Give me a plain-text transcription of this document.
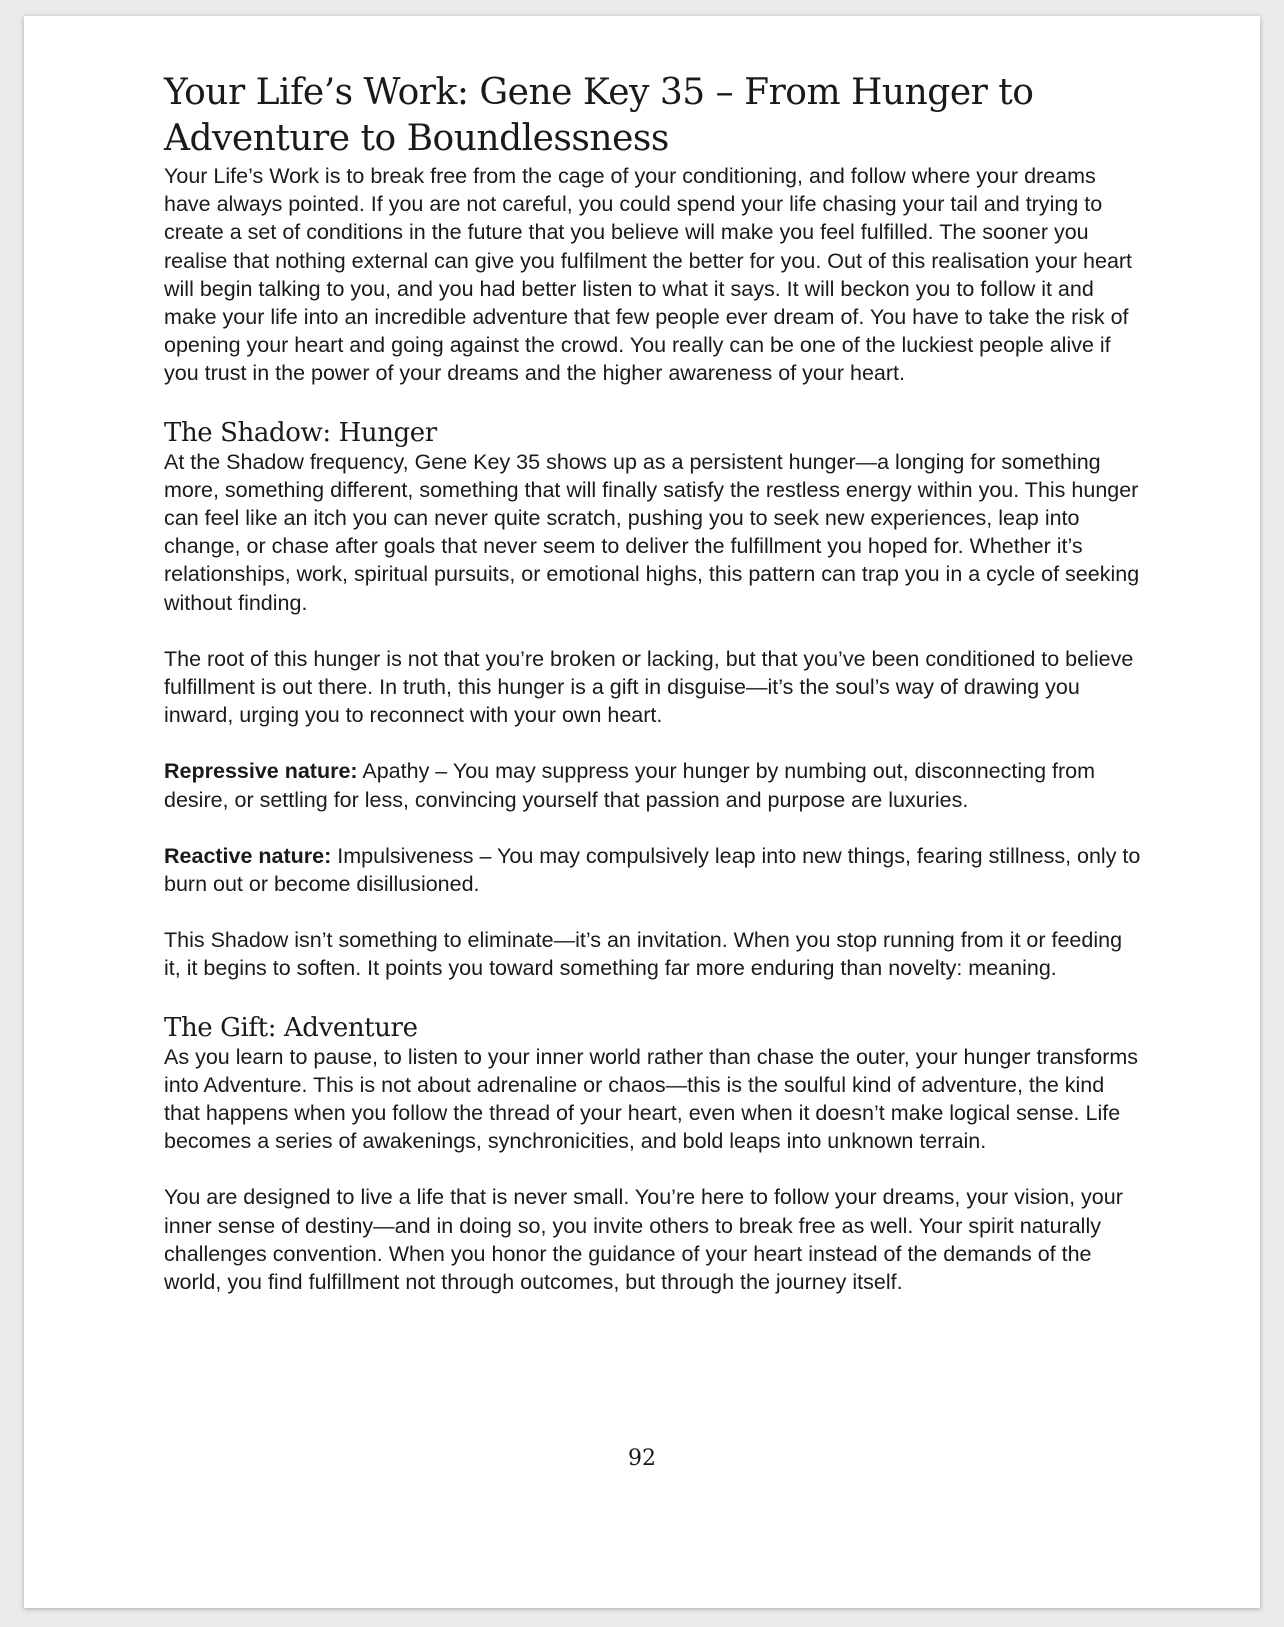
Your Life’s Work: Gene Key 35 – From Hunger to Adventure to Boundlessness

Your Life’s Work is to break free from the cage of your conditioning, and follow where your dreams have always pointed. If you are not careful, you could spend your life chasing your tail and trying to create a set of conditions in the future that you believe will make you feel fulfilled. The sooner you realise that nothing external can give you fulfilment the better for you. Out of this realisation your heart will begin talking to you, and you had better listen to what it says. It will beckon you to follow it and make your life into an incredible adventure that few people ever dream of. You have to take the risk of opening your heart and going against the crowd. You really can be one of the luckiest people alive if you trust in the power of your dreams and the higher awareness of your heart.

The Shadow: Hunger

At the Shadow frequency, Gene Key 35 shows up as a persistent hunger—a longing for something more, something different, something that will finally satisfy the restless energy within you. This hunger can feel like an itch you can never quite scratch, pushing you to seek new experiences, leap into change, or chase after goals that never seem to deliver the fulfillment you hoped for. Whether it’s relationships, work, spiritual pursuits, or emotional highs, this pattern can trap you in a cycle of seeking without finding.

The root of this hunger is not that you’re broken or lacking, but that you’ve been conditioned to believe fulfillment is out there. In truth, this hunger is a gift in disguise—it’s the soul’s way of drawing you inward, urging you to reconnect with your own heart.

Repressive nature: Apathy – You may suppress your hunger by numbing out, disconnecting from desire, or settling for less, convincing yourself that passion and purpose are luxuries.

Reactive nature: Impulsiveness – You may compulsively leap into new things, fearing stillness, only to burn out or become disillusioned.

This Shadow isn’t something to eliminate—it’s an invitation. When you stop running from it or feeding it, it begins to soften. It points you toward something far more enduring than novelty: meaning.

The Gift: Adventure

As you learn to pause, to listen to your inner world rather than chase the outer, your hunger transforms into Adventure. This is not about adrenaline or chaos—this is the soulful kind of adventure, the kind that happens when you follow the thread of your heart, even when it doesn’t make logical sense. Life becomes a series of awakenings, synchronicities, and bold leaps into unknown terrain.

You are designed to live a life that is never small. You’re here to follow your dreams, your vision, your inner sense of destiny—and in doing so, you invite others to break free as well. Your spirit naturally challenges convention. When you honor the guidance of your heart instead of the demands of the world, you find fulfillment not through outcomes, but through the journey itself.

92
